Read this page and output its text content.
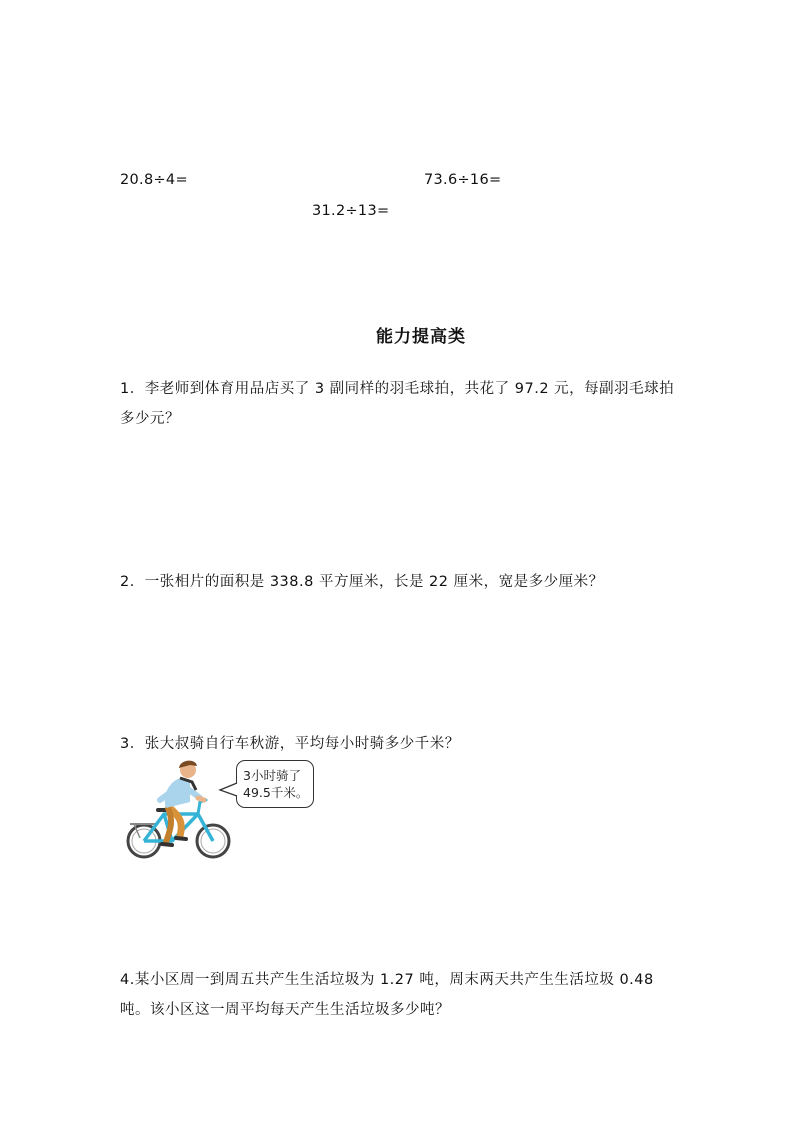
20.8÷4=	73.6÷16=
31.2÷13=
能力提高类
1．李老师到体育用品店买了 3 副同样的羽毛球拍，共花了 97.2 元，每副羽毛球拍多少元？
2．一张相片的面积是 338.8 平方厘米，长是 22 厘米，宽是多少厘米？
3．张大叔骑自行车秋游，平均每小时骑多少千米？
3小时骑了
49.5千米。
4.某小区周一到周五共产生生活垃圾为 1.27 吨，周末两天共产生生活垃圾 0.48 吨。该小区这一周平均每天产生生活垃圾多少吨？
